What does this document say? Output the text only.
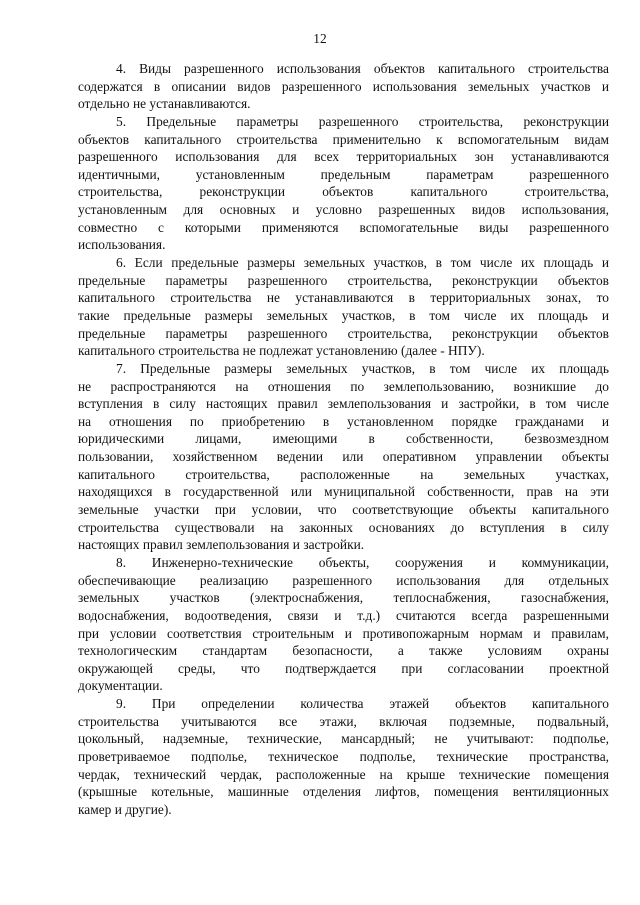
12
4. Виды разрешенного использования объектов капитального строительства
содержатся в описании видов разрешенного использования земельных участков и
отдельно не устанавливаются.
5. Предельные параметры разрешенного строительства, реконструкции
объектов капитального строительства применительно к вспомогательным видам
разрешенного использования для всех территориальных зон устанавливаются
идентичными, установленным предельным параметрам разрешенного
строительства, реконструкции объектов капитального строительства,
установленным для основных и условно разрешенных видов использования,
совместно с которыми применяются вспомогательные виды разрешенного
использования.
6. Если предельные размеры земельных участков, в том числе их площадь и
предельные параметры разрешенного строительства, реконструкции объектов
капитального строительства не устанавливаются в территориальных зонах, то
такие предельные размеры земельных участков, в том числе их площадь и
предельные параметры разрешенного строительства, реконструкции объектов
капитального строительства не подлежат установлению (далее - НПУ).
7. Предельные размеры земельных участков, в том числе их площадь
не распространяются на отношения по землепользованию, возникшие до
вступления в силу настоящих правил землепользования и застройки, в том числе
на отношения по приобретению в установленном порядке гражданами и
юридическими лицами, имеющими в собственности, безвозмездном
пользовании, хозяйственном ведении или оперативном управлении объекты
капитального строительства, расположенные на земельных участках,
находящихся в государственной или муниципальной собственности, прав на эти
земельные участки при условии, что соответствующие объекты капитального
строительства существовали на законных основаниях до вступления в силу
настоящих правил землепользования и застройки.
8. Инженерно-технические объекты, сооружения и коммуникации,
обеспечивающие реализацию разрешенного использования для отдельных
земельных участков (электроснабжения, теплоснабжения, газоснабжения,
водоснабжения, водоотведения, связи и т.д.) считаются всегда разрешенными
при условии соответствия строительным и противопожарным нормам и правилам,
технологическим стандартам безопасности, а также условиям охраны
окружающей среды, что подтверждается при согласовании проектной
документации.
9. При определении количества этажей объектов капитального
строительства учитываются все этажи, включая подземные, подвальный,
цокольный, надземные, технические, мансардный; не учитывают: подполье,
проветриваемое подполье, техническое подполье, технические пространства,
чердак, технический чердак, расположенные на крыше технические помещения
(крышные котельные, машинные отделения лифтов, помещения вентиляционных
камер и другие).
